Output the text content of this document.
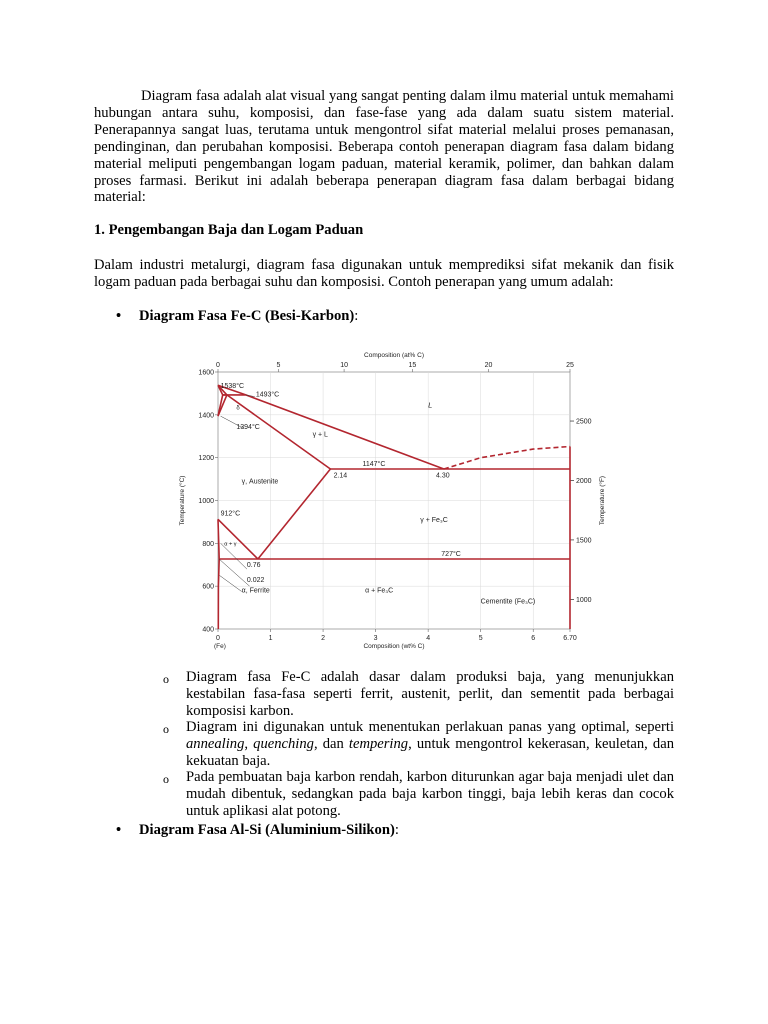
Diagram fasa adalah alat visual yang sangat penting dalam ilmu material untuk memahami hubungan antara suhu, komposisi, dan fase-fase yang ada dalam suatu sistem material. Penerapannya sangat luas, terutama untuk mengontrol sifat material melalui proses pemanasan, pendinginan, dan perubahan komposisi. Beberapa contoh penerapan diagram fasa dalam bidang material meliputi pengembangan logam paduan, material keramik, polimer, dan bahkan dalam proses farmasi. Berikut ini adalah beberapa penerapan diagram fasa dalam berbagai bidang material:

1. Pengembangan Baja dan Logam Paduan

Dalam industri metalurgi, diagram fasa digunakan untuk memprediksi sifat mekanik dan fisik logam paduan pada berbagai suhu dan komposisi. Contoh penerapan yang umum adalah:

• Diagram Fasa Fe-C (Besi-Karbon):
0	1	2	3	4	5	6	6.70
400
600
800
1000
1200
1400
1600
0	5	10	15	20	25
1000
1500
2000
2500
Composition (at% C)
Composition (wt% C)
(Fe)
Temperature (°C)	Temperature (°F)
1538°C
1493°C
1394°C
1147°C
912°C
727°C
2.14	4.30
0.76
0.022
L
γ + L
γ, Austenite
γ + Fe₃C
α + Fe₃C
α, Ferrite
Cementite (Fe₃C)
δ
α + γ
o Diagram fasa Fe-C adalah dasar dalam produksi baja, yang menunjukkan kestabilan fasa-fasa seperti ferrit, austenit, perlit, dan sementit pada berbagai komposisi karbon.

o Diagram ini digunakan untuk menentukan perlakuan panas yang optimal, seperti annealing, quenching, dan tempering, untuk mengontrol kekerasan, keuletan, dan kekuatan baja.

o Pada pembuatan baja karbon rendah, karbon diturunkan agar baja menjadi ulet dan mudah dibentuk, sedangkan pada baja karbon tinggi, baja lebih keras dan cocok untuk aplikasi alat potong.

• Diagram Fasa Al-Si (Aluminium-Silikon):
